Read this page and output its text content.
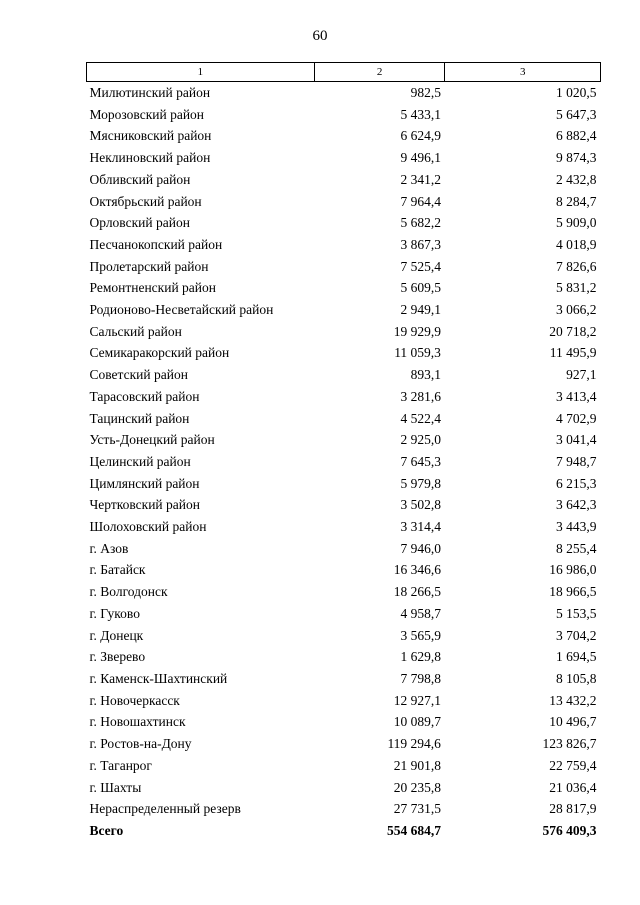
60
1	2	3
Милютинский район	982,5	1 020,5
Морозовский район	5 433,1	5 647,3
Мясниковский район	6 624,9	6 882,4
Неклиновский район	9 496,1	9 874,3
Обливский район	2 341,2	2 432,8
Октябрьский район	7 964,4	8 284,7
Орловский район	5 682,2	5 909,0
Песчанокопский район	3 867,3	4 018,9
Пролетарский район	7 525,4	7 826,6
Ремонтненский район	5 609,5	5 831,2
Родионово-Несветайский район	2 949,1	3 066,2
Сальский район	19 929,9	20 718,2
Семикаракорский район	11 059,3	11 495,9
Советский район	893,1	927,1
Тарасовский район	3 281,6	3 413,4
Тацинский район	4 522,4	4 702,9
Усть-Донецкий район	2 925,0	3 041,4
Целинский район	7 645,3	7 948,7
Цимлянский район	5 979,8	6 215,3
Чертковский район	3 502,8	3 642,3
Шолоховский район	3 314,4	3 443,9
г. Азов	7 946,0	8 255,4
г. Батайск	16 346,6	16 986,0
г. Волгодонск	18 266,5	18 966,5
г. Гуково	4 958,7	5 153,5
г. Донецк	3 565,9	3 704,2
г. Зверево	1 629,8	1 694,5
г. Каменск-Шахтинский	7 798,8	8 105,8
г. Новочеркасск	12 927,1	13 432,2
г. Новошахтинск	10 089,7	10 496,7
г. Ростов-на-Дону	119 294,6	123 826,7
г. Таганрог	21 901,8	22 759,4
г. Шахты	20 235,8	21 036,4
Нераспределенный резерв	27 731,5	28 817,9
Всего	554 684,7	576 409,3
